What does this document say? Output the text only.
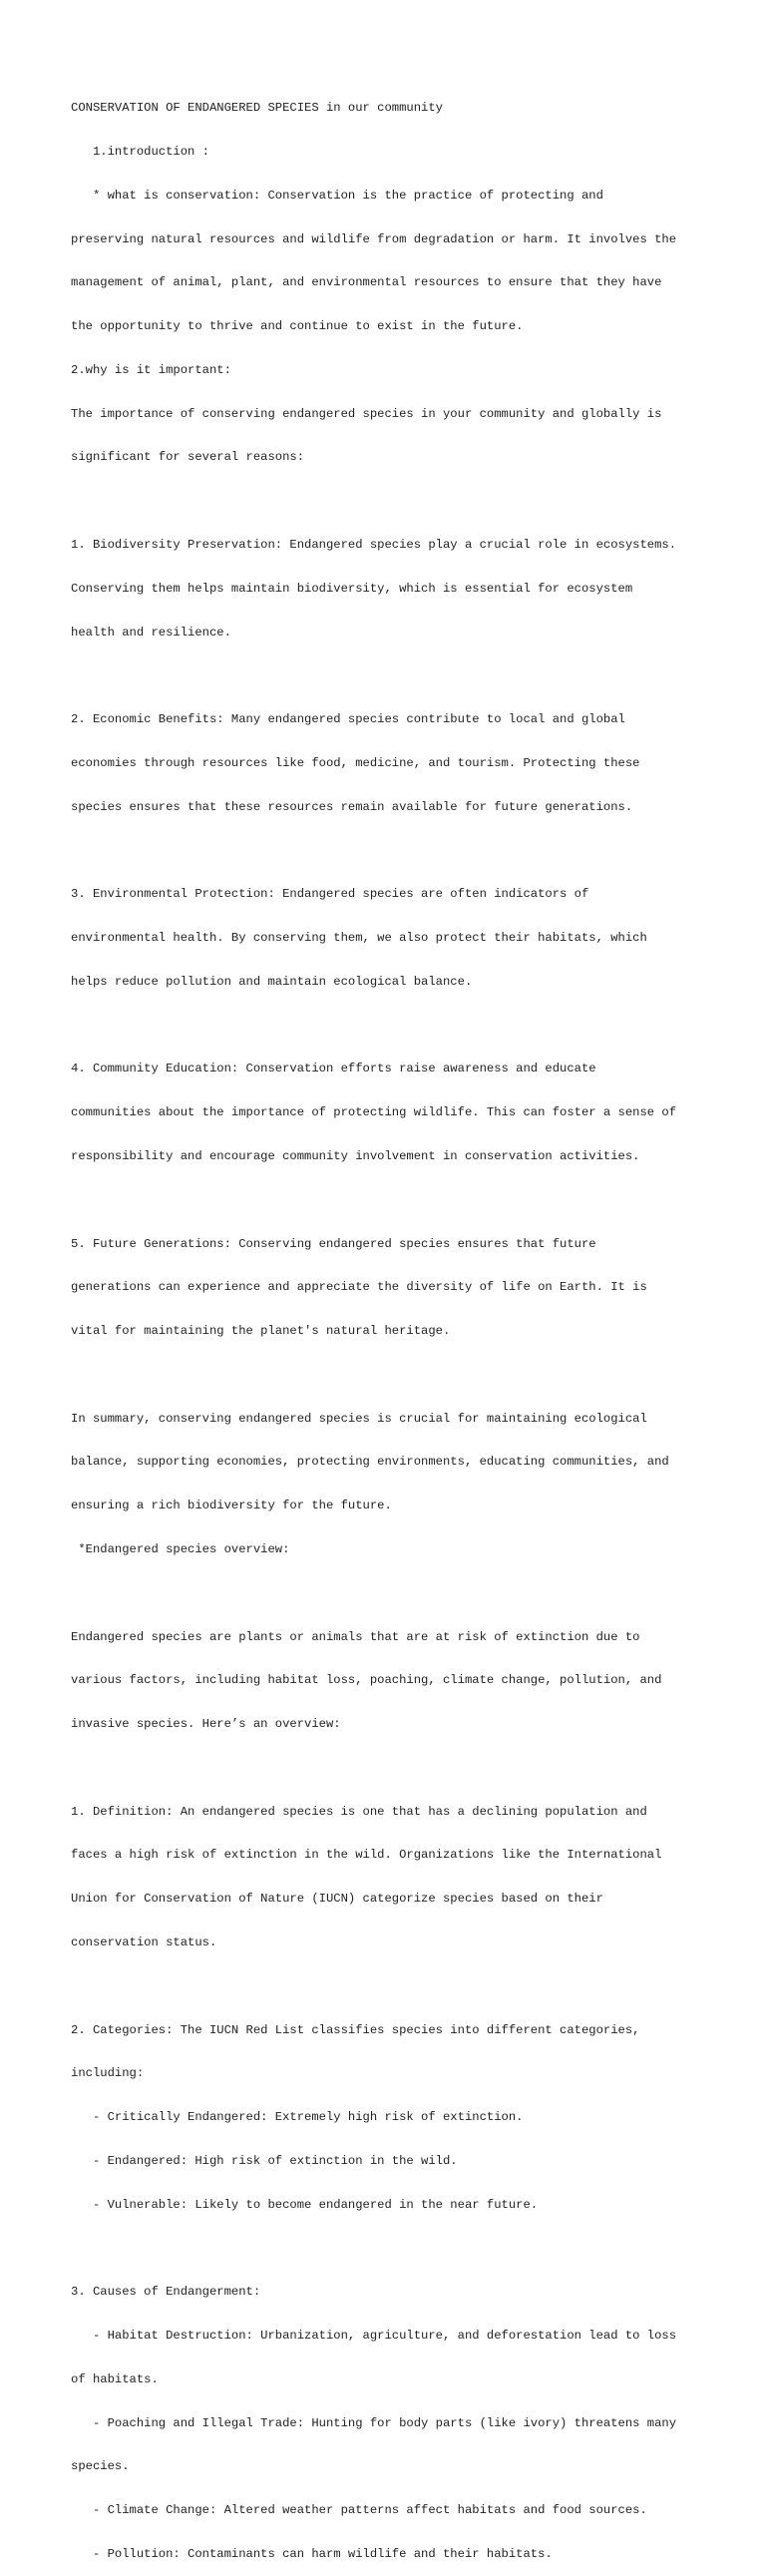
CONSERVATION OF ENDANGERED SPECIES in our community

1.introduction :

* what is conservation: Conservation is the practice of protecting and

preserving natural resources and wildlife from degradation or harm. It involves the

management of animal, plant, and environmental resources to ensure that they have

the opportunity to thrive and continue to exist in the future.

2.why is it important:

The importance of conserving endangered species in your community and globally is

significant for several reasons:

1. Biodiversity Preservation: Endangered species play a crucial role in ecosystems.

Conserving them helps maintain biodiversity, which is essential for ecosystem

health and resilience.

2. Economic Benefits: Many endangered species contribute to local and global

economies through resources like food, medicine, and tourism. Protecting these

species ensures that these resources remain available for future generations.

3. Environmental Protection: Endangered species are often indicators of

environmental health. By conserving them, we also protect their habitats, which

helps reduce pollution and maintain ecological balance.

4. Community Education: Conservation efforts raise awareness and educate

communities about the importance of protecting wildlife. This can foster a sense of

responsibility and encourage community involvement in conservation activities.

5. Future Generations: Conserving endangered species ensures that future

generations can experience and appreciate the diversity of life on Earth. It is

vital for maintaining the planet's natural heritage.

In summary, conserving endangered species is crucial for maintaining ecological

balance, supporting economies, protecting environments, educating communities, and

ensuring a rich biodiversity for the future.

*Endangered species overview:

Endangered species are plants or animals that are at risk of extinction due to

various factors, including habitat loss, poaching, climate change, pollution, and

invasive species. Here’s an overview:

1. Definition: An endangered species is one that has a declining population and

faces a high risk of extinction in the wild. Organizations like the International

Union for Conservation of Nature (IUCN) categorize species based on their

conservation status.

2. Categories: The IUCN Red List classifies species into different categories,

including:

- Critically Endangered: Extremely high risk of extinction.

- Endangered: High risk of extinction in the wild.

- Vulnerable: Likely to become endangered in the near future.

3. Causes of Endangerment:

- Habitat Destruction: Urbanization, agriculture, and deforestation lead to loss

of habitats.

- Poaching and Illegal Trade: Hunting for body parts (like ivory) threatens many

species.

- Climate Change: Altered weather patterns affect habitats and food sources.

- Pollution: Contaminants can harm wildlife and their habitats.
